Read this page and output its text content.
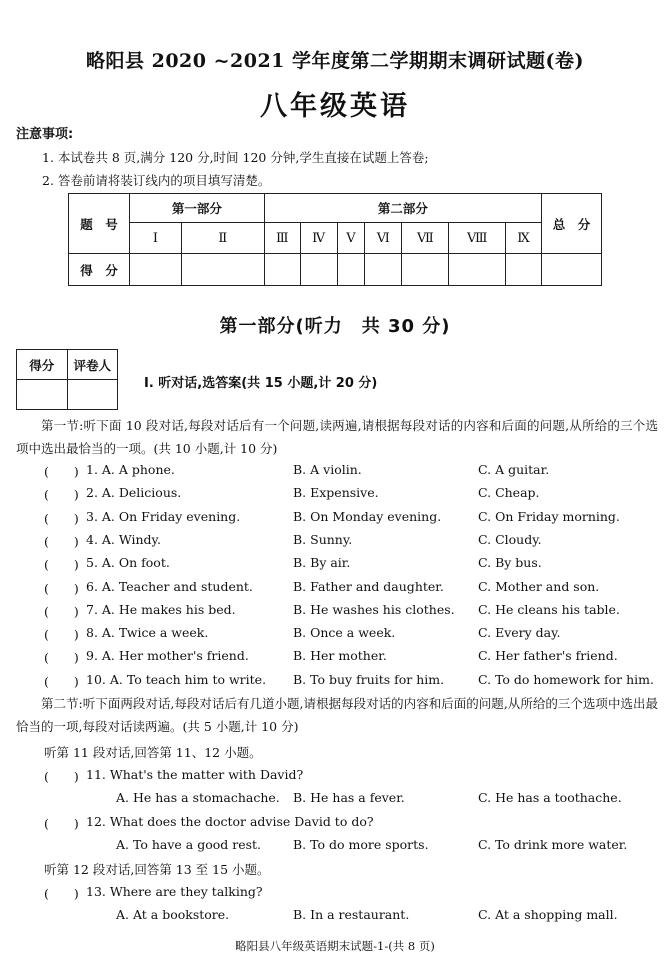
略阳县 2020 ~2021 学年度第二学期期末调研试题(卷)
八年级英语
注意事项:
1. 本试卷共 8 页,满分 120 分,时间 120 分钟,学生直接在试题上答卷;
2. 答卷前请将装订线内的项目填写清楚。
题　号	第一部分		第二部分							总　分
	Ⅰ	Ⅱ	Ⅲ	Ⅳ	Ⅴ	Ⅵ	Ⅶ	Ⅷ	Ⅸ	
得　分										
第一部分(听力　共 30 分)
得分	评卷人

Ⅰ. 听对话,选答案(共 15 小题,计 20 分)
第一节:听下面 10 段对话,每段对话后有一个问题,读两遍,请根据每段对话的内容和后面的问题,从所给的三个选项中选出最恰当的一项。(共 10 小题,计 10 分)
(　　) 1. A. A phone.	B. A violin.	C. A guitar.
(　　) 2. A. Delicious.	B. Expensive.	C. Cheap.
(　　) 3. A. On Friday evening.	B. On Monday evening.	C. On Friday morning.
(　　) 4. A. Windy.	B. Sunny.	C. Cloudy.
(　　) 5. A. On foot.	B. By air.	C. By bus.
(　　) 6. A. Teacher and student.	B. Father and daughter.	C. Mother and son.
(　　) 7. A. He makes his bed.	B. He washes his clothes. C. He cleans his table.
(　　) 8. A. Twice a week.	B. Once a week.	C. Every day.
(　　) 9. A. Her mother's friend.	B. Her mother.	C. Her father's friend.
(　　) 10. A. To teach him to write. B. To buy fruits for him.	C. To do homework for him.
第二节:听下面两段对话,每段对话后有几道小题,请根据每段对话的内容和后面的问题,从所给的三个选项中选出最恰当的一项,每段对话读两遍。(共 5 小题,计 10 分)
听第 11 段对话,回答第 11、12 小题。
(　　) 11. What's the matter with David?
A. He has a stomachache. B. He has a fever.	C. He has a toothache.
(　　) 12. What does the doctor advise David to do?
A. To have a good rest.	B. To do more sports.	C. To drink more water.
听第 12 段对话,回答第 13 至 15 小题。
(　　) 13. Where are they talking?
A. At a bookstore.	B. In a restaurant.	C. At a shopping mall.
略阳县八年级英语期末试题-1-(共 8 页)
